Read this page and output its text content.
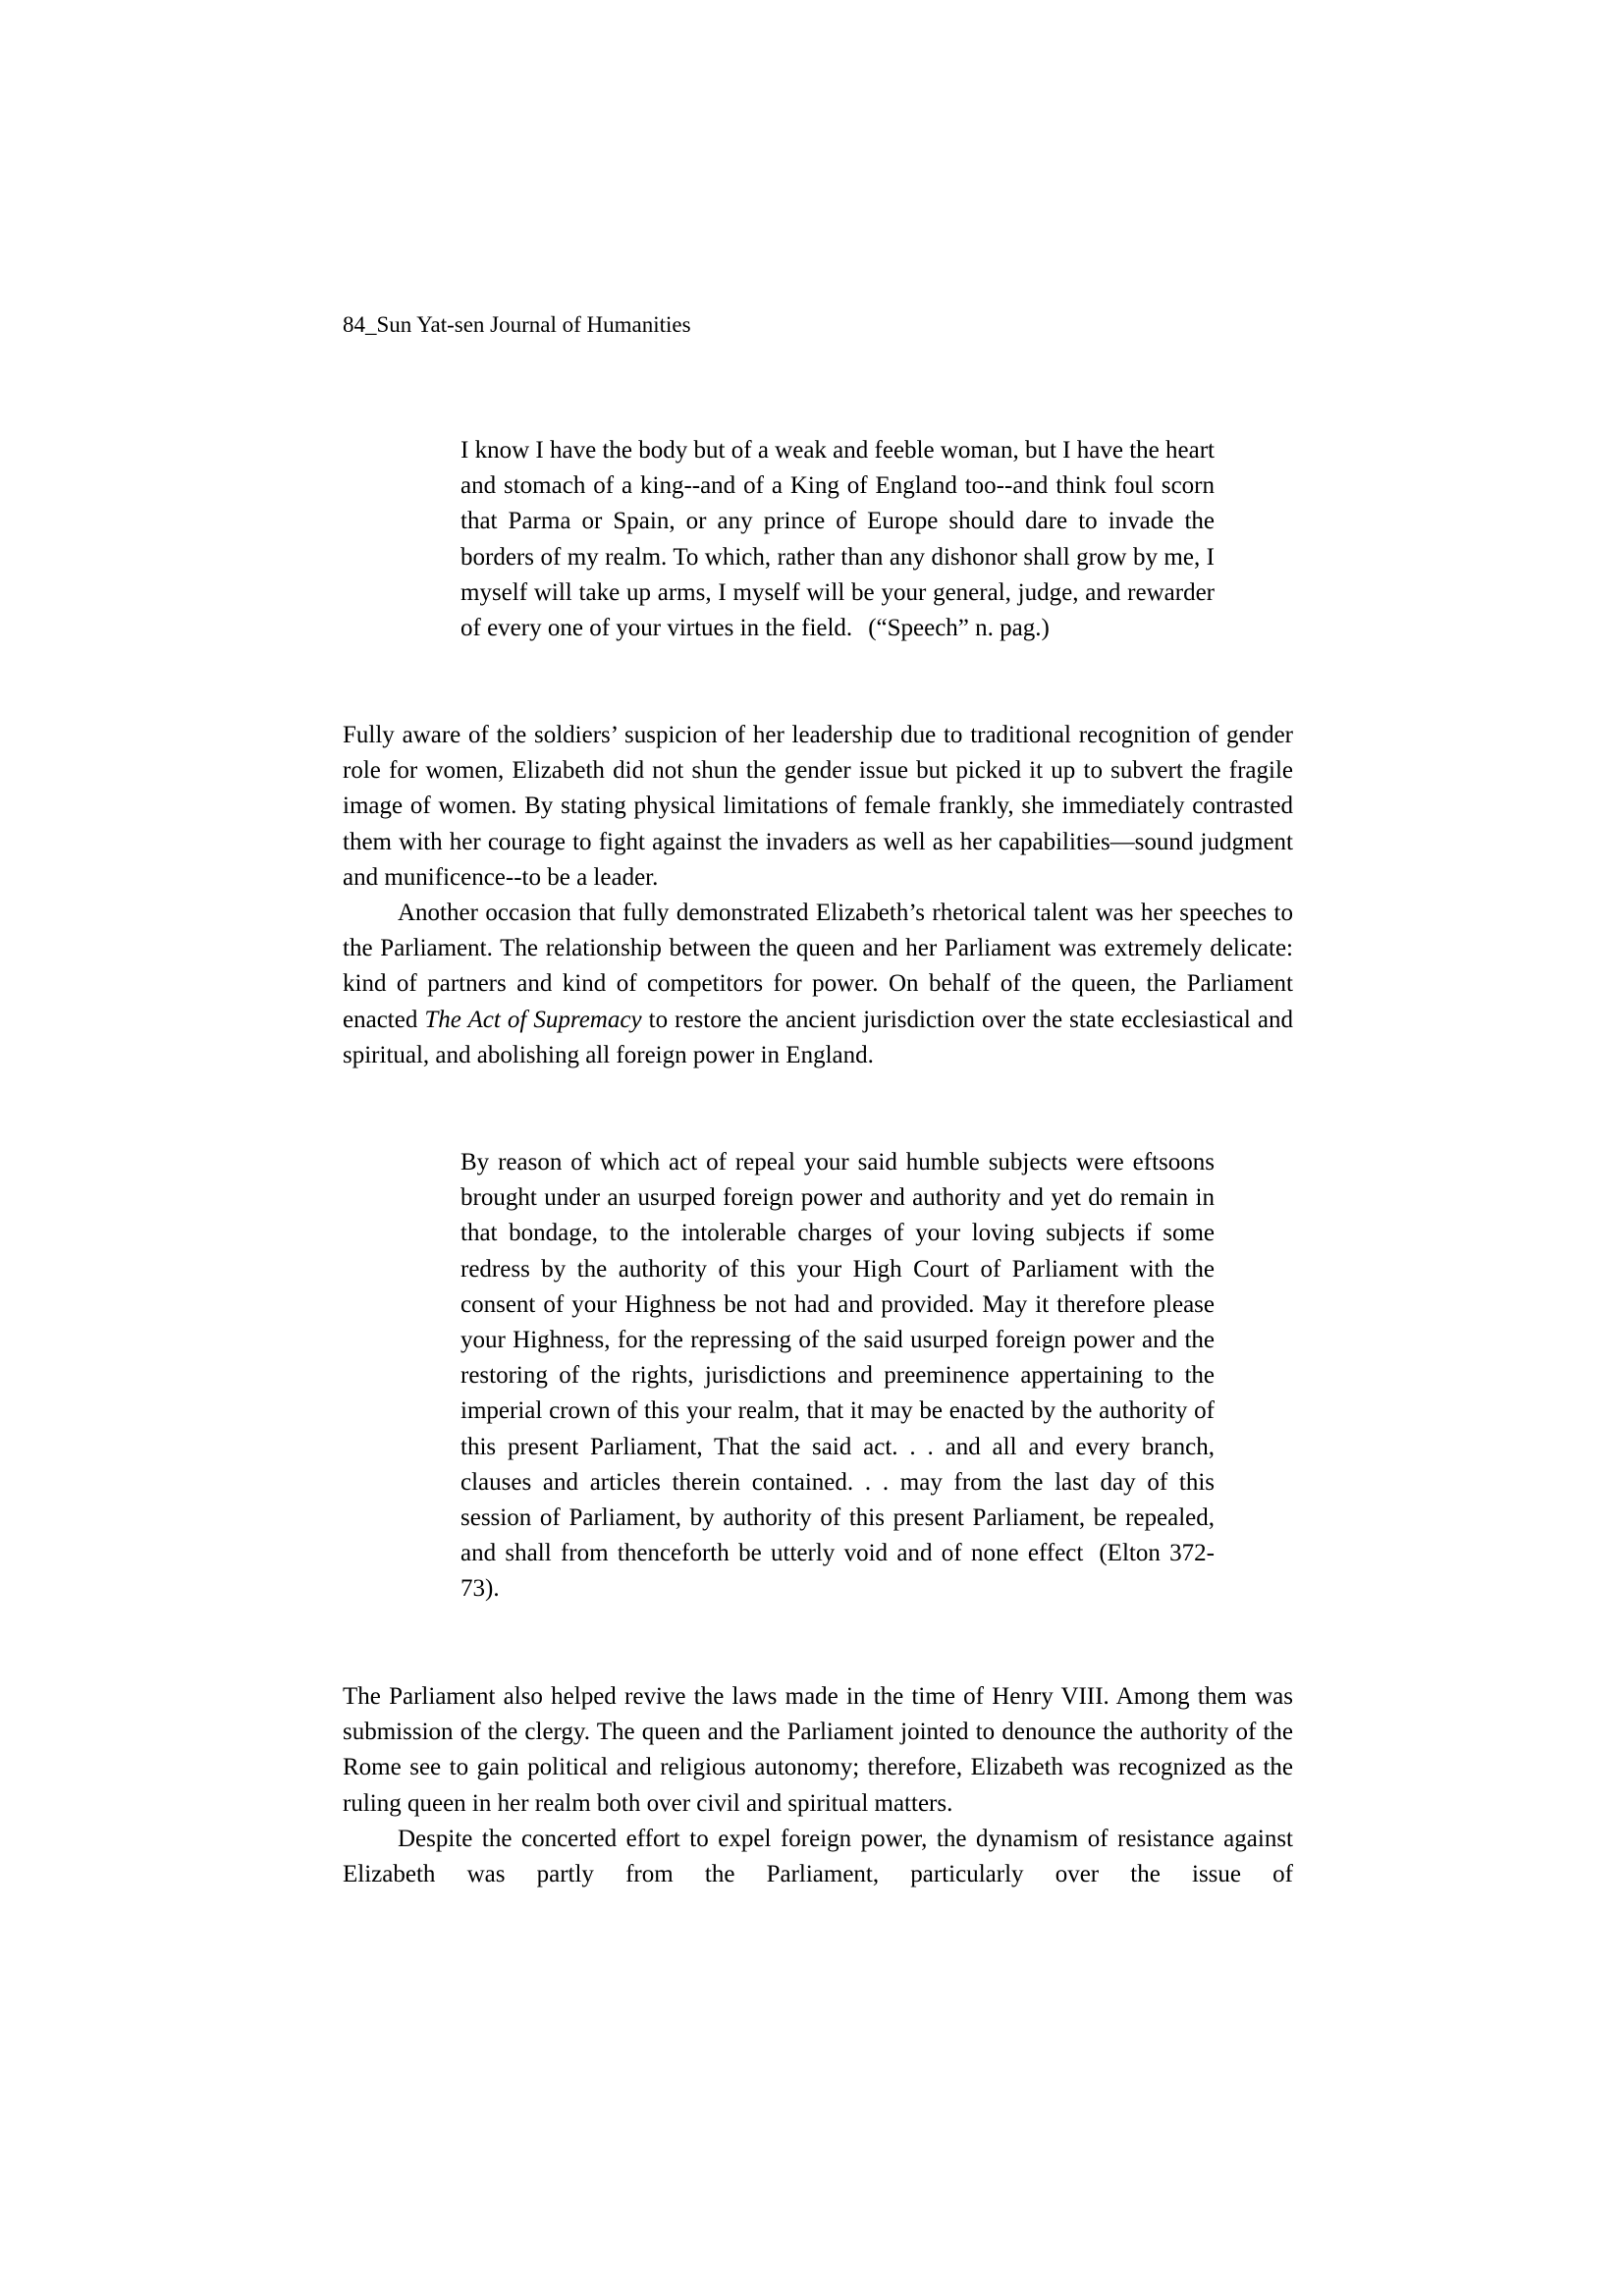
84_Sun Yat-sen Journal of Humanities

I know I have the body but of a weak and feeble woman, but I have the heart and stomach of a king--and of a King of England too--and think foul scorn that Parma or Spain, or any prince of Europe should dare to invade the borders of my realm. To which, rather than any dishonor shall grow by me, I myself will take up arms, I myself will be your general, judge, and rewarder of every one of your virtues in the field. (“Speech” n. pag.)

Fully aware of the soldiers’ suspicion of her leadership due to traditional recognition of gender role for women, Elizabeth did not shun the gender issue but picked it up to subvert the fragile image of women. By stating physical limitations of female frankly, she immediately contrasted them with her courage to fight against the invaders as well as her capabilities—sound judgment and munificence--to be a leader.

Another occasion that fully demonstrated Elizabeth’s rhetorical talent was her speeches to the Parliament. The relationship between the queen and her Parliament was extremely delicate: kind of partners and kind of competitors for power. On behalf of the queen, the Parliament enacted The Act of Supremacy to restore the ancient jurisdiction over the state ecclesiastical and spiritual, and abolishing all foreign power in England.

By reason of which act of repeal your said humble subjects were eftsoons brought under an usurped foreign power and authority and yet do remain in that bondage, to the intolerable charges of your loving subjects if some redress by the authority of this your High Court of Parliament with the consent of your Highness be not had and provided. May it therefore please your Highness, for the repressing of the said usurped foreign power and the restoring of the rights, jurisdictions and preeminence appertaining to the imperial crown of this your realm, that it may be enacted by the authority of this present Parliament, That the said act. . . and all and every branch, clauses and articles therein contained. . . may from the last day of this session of Parliament, by authority of this present Parliament, be repealed, and shall from thenceforth be utterly void and of none effect (Elton 372-73).

The Parliament also helped revive the laws made in the time of Henry VIII. Among them was submission of the clergy. The queen and the Parliament jointed to denounce the authority of the Rome see to gain political and religious autonomy; therefore, Elizabeth was recognized as the ruling queen in her realm both over civil and spiritual matters.

Despite the concerted effort to expel foreign power, the dynamism of resistance against Elizabeth was partly from the Parliament, particularly over the issue of
